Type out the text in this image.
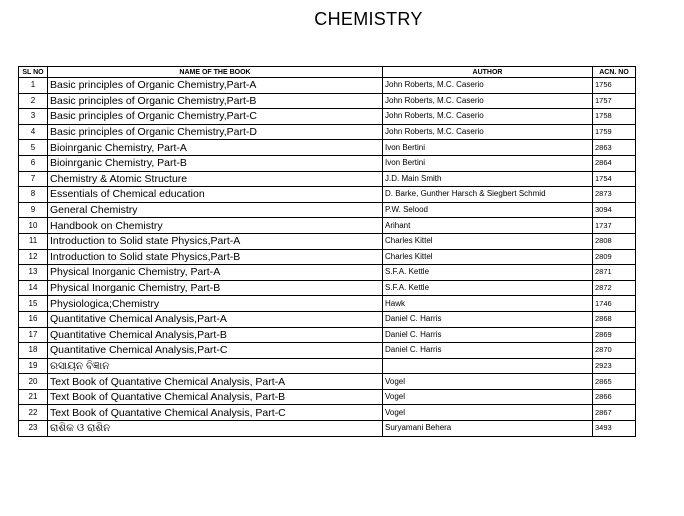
CHEMISTRY
SL NO	NAME OF THE BOOK	AUTHOR	ACN. NO
1	Basic principles of Organic Chemistry,Part-A	John Roberts, M.C. Caserio	1756
2	Basic principles of Organic Chemistry,Part-B	John Roberts, M.C. Caserio	1757
3	Basic principles of Organic Chemistry,Part-C	John Roberts, M.C. Caserio	1758
4	Basic principles of Organic Chemistry,Part-D	John Roberts, M.C. Caserio	1759
5	Bioinrganic Chemistry, Part-A	Ivon Bertini	2863
6	Bioinrganic Chemistry, Part-B	Ivon Bertini	2864
7	Chemistry & Atomic Structure	J.D. Main Smith	1754
8	Essentials of Chemical education	D. Barke, Gunther Harsch & Siegbert Schmid	2873
9	General Chemistry	P.W. Selood	3094
10	Handbook on Chemistry	Arihant	1737
11	Introduction to Solid state Physics,Part-A	Charles Kittel	2808
12	Introduction to Solid state Physics,Part-B	Charles Kittel	2809
13	Physical Inorganic Chemistry, Part-A	S.F.A. Kettle	2871
14	Physical Inorganic Chemistry, Part-B	S.F.A. Kettle	2872
15	Physiologica;Chemistry	Hawk	1746
16	Quantitative Chemical Analysis,Part-A	Daniel C. Harris	2868
17	Quantitative Chemical Analysis,Part-B	Daniel C. Harris	2869
18	Quantitative Chemical Analysis,Part-C	Daniel C. Harris	2870
19	ରସାୟନ ବିଜ୍ଞାନ		2923
20	Text Book of Quantative Chemical Analysis, Part-A	Vogel	2865
21	Text Book of Quantative Chemical Analysis, Part-B	Vogel	2866
22	Text Book of Quantative Chemical Analysis, Part-C	Vogel	2867
23	ରାଶିକ ଓ ରାଶିନ	Suryamani Behera	3493
